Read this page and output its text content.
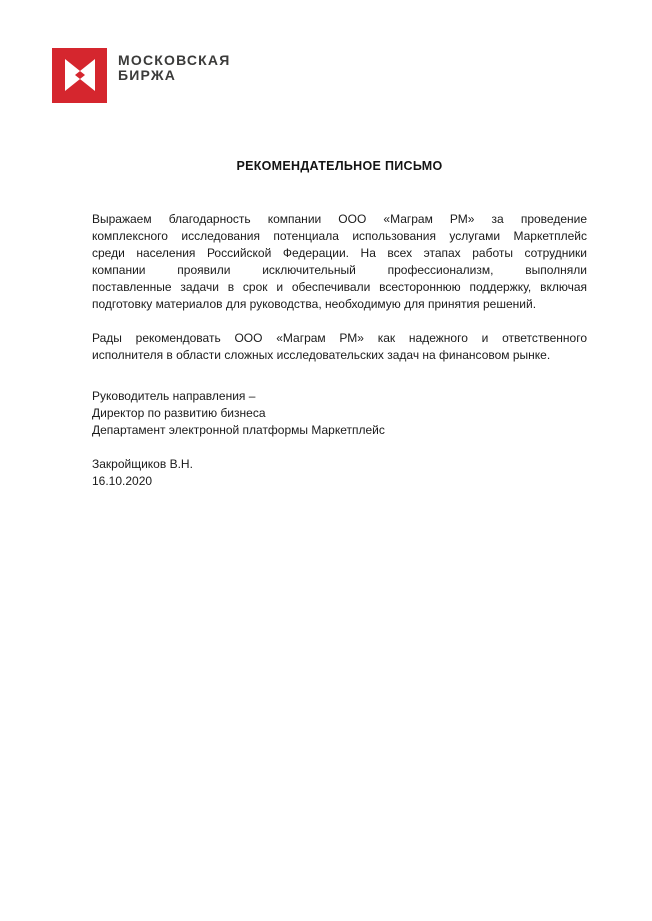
МОСКОВСКАЯ
БИРЖА
РЕКОМЕНДАТЕЛЬНОЕ ПИСЬМО
Выражаем благодарность компании ООО «Маграм РМ» за проведение
комплексного исследования потенциала использования услугами Маркетплейс
среди населения Российской Федерации. На всех этапах работы сотрудники
компании проявили исключительный профессионализм, выполняли
поставленные задачи в срок и обеспечивали всестороннюю поддержку, включая
подготовку материалов для руководства, необходимую для принятия решений.
Рады рекомендовать ООО «Маграм РМ» как надежного и ответственного
исполнителя в области сложных исследовательских задач на финансовом рынке.
Руководитель направления –
Директор по развитию бизнеса
Департамент электронной платформы Маркетплейс
Закройщиков В.Н.
16.10.2020
